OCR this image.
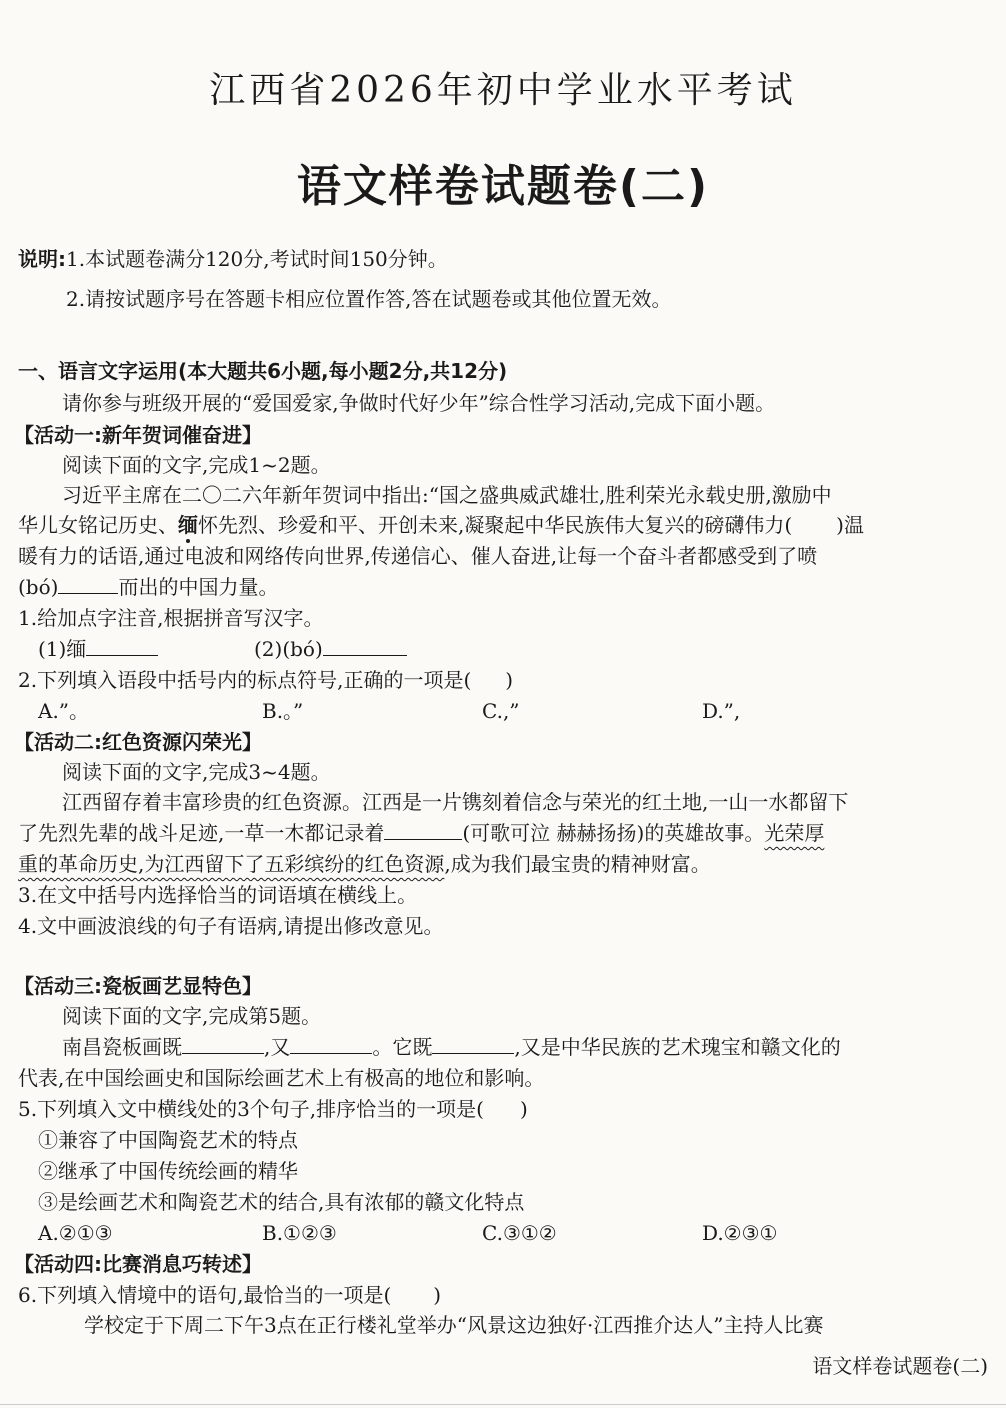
江西省2026年初中学业水平考试
语文样卷试题卷(二)
说明:1.本试题卷满分120分,考试时间150分钟。
2.请按试题序号在答题卡相应位置作答,答在试题卷或其他位置无效。
一、语言文字运用(本大题共6小题,每小题2分,共12分)
请你参与班级开展的“爱国爱家,争做时代好少年”综合性学习活动,完成下面小题。
【活动一:新年贺词催奋进】
阅读下面的文字,完成1~2题。
习近平主席在二〇二六年新年贺词中指出:“国之盛典威武雄壮,胜利荣光永载史册,激励中
华儿女铭记历史、缅怀先烈、珍爱和平、开创未来,凝聚起中华民族伟大复兴的磅礴伟力( )温
暖有力的话语,通过电波和网络传向世界,传递信心、催人奋进,让每一个奋斗者都感受到了喷
(bó)	而出的中国力量。
1.给加点字注音,根据拼音写汉字。
(1)缅	(2)(bó)
2.下列填入语段中括号内的标点符号,正确的一项是( )
A.”。	B.。”	C.,”	D.”,
【活动二:红色资源闪荣光】
阅读下面的文字,完成3~4题。
江西留存着丰富珍贵的红色资源。江西是一片镌刻着信念与荣光的红土地,一山一水都留下
了先烈先辈的战斗足迹,一草一木都记录着	(可歌可泣 赫赫扬扬)的英雄故事。光荣厚
重的革命历史,为江西留下了五彩缤纷的红色资源,成为我们最宝贵的精神财富。
3.在文中括号内选择恰当的词语填在横线上。
4.文中画波浪线的句子有语病,请提出修改意见。
【活动三:瓷板画艺显特色】
阅读下面的文字,完成第5题。
南昌瓷板画既	,又	。它既	,又是中华民族的艺术瑰宝和赣文化的
代表,在中国绘画史和国际绘画艺术上有极高的地位和影响。
5.下列填入文中横线处的3个句子,排序恰当的一项是( )
①兼容了中国陶瓷艺术的特点
②继承了中国传统绘画的精华
③是绘画艺术和陶瓷艺术的结合,具有浓郁的赣文化特点
A.②①③	B.①②③	C.③①②	D.②③①
【活动四:比赛消息巧转述】
6.下列填入情境中的语句,最恰当的一项是( )
学校定于下周二下午3点在正行楼礼堂举办“风景这边独好·江西推介达人”主持人比赛
语文样卷试题卷(二)
